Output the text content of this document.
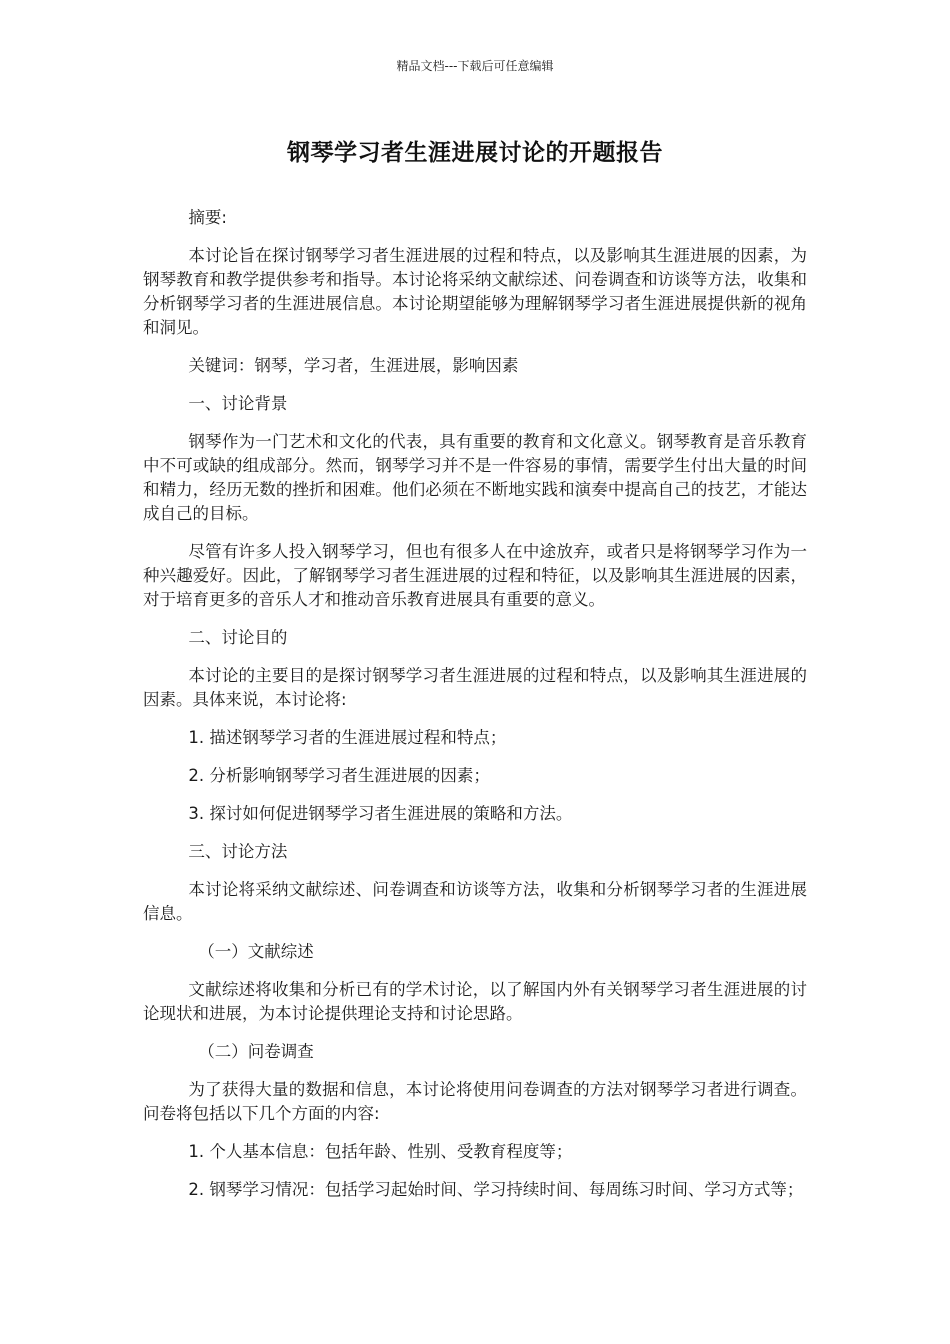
精品文档---下载后可任意编辑
钢琴学习者生涯进展讨论的开题报告

摘要:

本讨论旨在探讨钢琴学习者生涯进展的过程和特点，以及影响其生涯进展的因素，为钢琴教育和教学提供参考和指导。本讨论将采纳文献综述、问卷调查和访谈等方法，收集和分析钢琴学习者的生涯进展信息。本讨论期望能够为理解钢琴学习者生涯进展提供新的视角和洞见。

关键词：钢琴，学习者，生涯进展，影响因素

一、讨论背景

钢琴作为一门艺术和文化的代表，具有重要的教育和文化意义。钢琴教育是音乐教育中不可或缺的组成部分。然而，钢琴学习并不是一件容易的事情，需要学生付出大量的时间和精力，经历无数的挫折和困难。他们必须在不断地实践和演奏中提高自己的技艺，才能达成自己的目标。

尽管有许多人投入钢琴学习，但也有很多人在中途放弃，或者只是将钢琴学习作为一种兴趣爱好。因此，了解钢琴学习者生涯进展的过程和特征，以及影响其生涯进展的因素，对于培育更多的音乐人才和推动音乐教育进展具有重要的意义。

二、讨论目的

本讨论的主要目的是探讨钢琴学习者生涯进展的过程和特点，以及影响其生涯进展的因素。具体来说，本讨论将:

1. 描述钢琴学习者的生涯进展过程和特点；

2. 分析影响钢琴学习者生涯进展的因素；

3. 探讨如何促进钢琴学习者生涯进展的策略和方法。

三、讨论方法

本讨论将采纳文献综述、问卷调查和访谈等方法，收集和分析钢琴学习者的生涯进展信息。

（一）文献综述

文献综述将收集和分析已有的学术讨论，以了解国内外有关钢琴学习者生涯进展的讨论现状和进展，为本讨论提供理论支持和讨论思路。

（二）问卷调查

为了获得大量的数据和信息，本讨论将使用问卷调查的方法对钢琴学习者进行调查。问卷将包括以下几个方面的内容:

1. 个人基本信息：包括年龄、性别、受教育程度等；

2. 钢琴学习情况：包括学习起始时间、学习持续时间、每周练习时间、学习方式等；
